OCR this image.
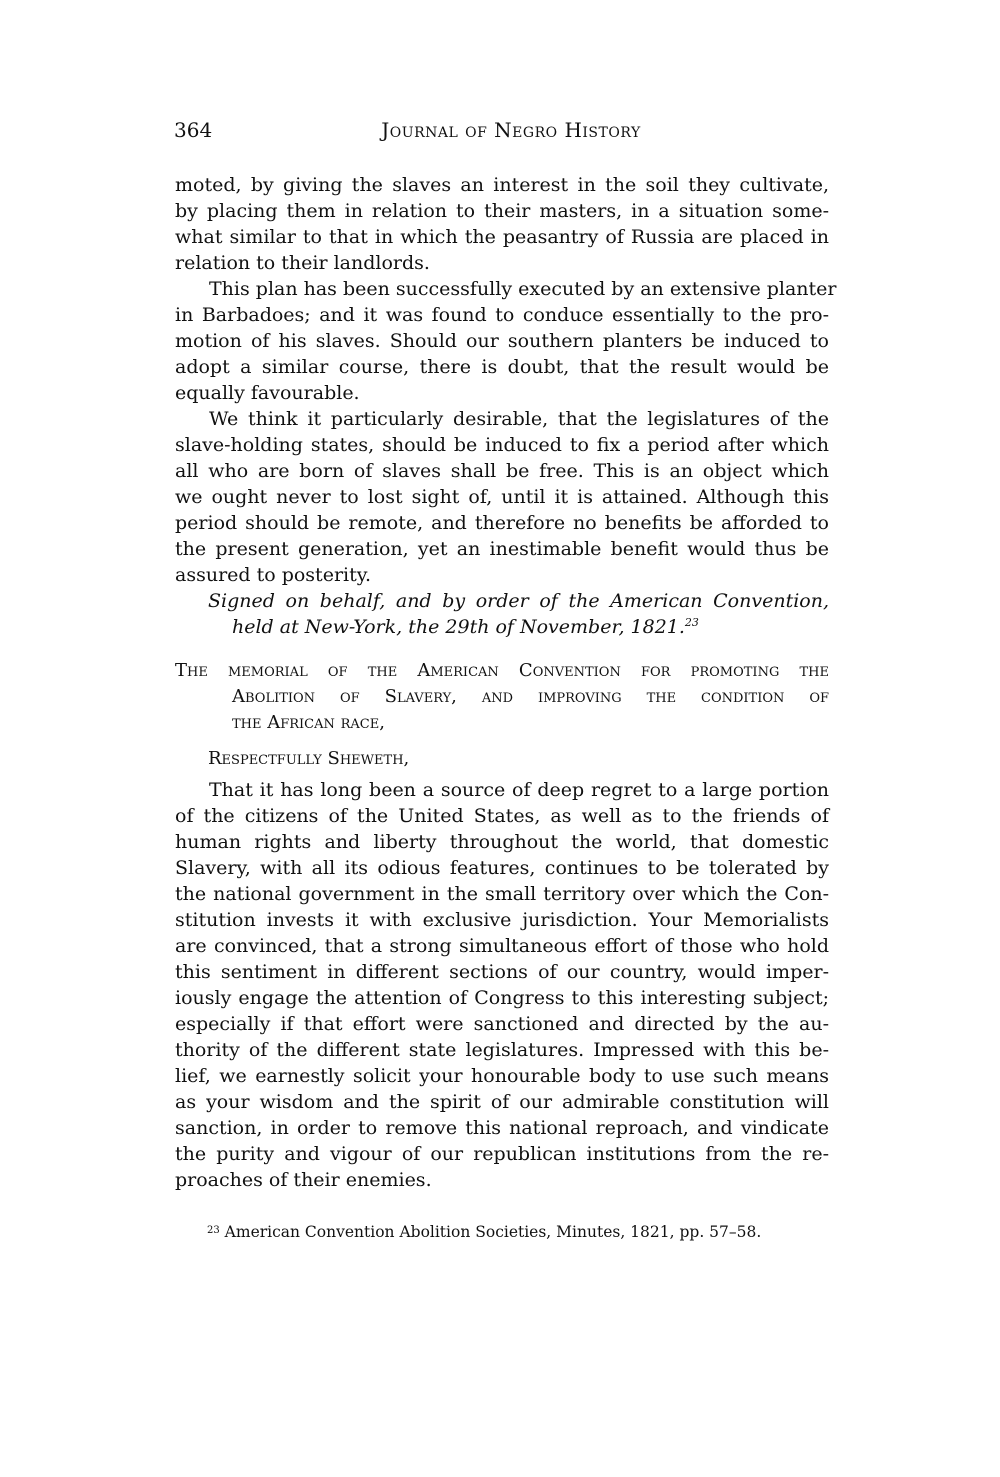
364	Journal of Negro History
moted, by giving the slaves an interest in the soil they cultivate,
by placing them in relation to their masters, in a situation some-
what similar to that in which the peasantry of Russia are placed in
relation to their landlords.
This plan has been successfully executed by an extensive planter
in Barbadoes; and it was found to conduce essentially to the pro-
motion of his slaves. Should our southern planters be induced to
adopt a similar course, there is doubt, that the result would be
equally favourable.
We think it particularly desirable, that the legislatures of the
slave-holding states, should be induced to fix a period after which
all who are born of slaves shall be free. This is an object which
we ought never to lost sight of, until it is attained. Although this
period should be remote, and therefore no benefits be afforded to
the present generation, yet an inestimable benefit would thus be
assured to posterity.
Signed on behalf, and by order of the American Convention,
held at New-York, the 29th of November, 1821.23
The memorial of the American Convention for promoting the
Abolition of Slavery, and improving the condition of
the African race,
Respectfully Sheweth,
That it has long been a source of deep regret to a large portion
of the citizens of the United States, as well as to the friends of
human rights and liberty throughout the world, that domestic
Slavery, with all its odious features, continues to be tolerated by
the national government in the small territory over which the Con-
stitution invests it with exclusive jurisdiction. Your Memorialists
are convinced, that a strong simultaneous effort of those who hold
this sentiment in different sections of our country, would imper-
iously engage the attention of Congress to this interesting subject;
especially if that effort were sanctioned and directed by the au-
thority of the different state legislatures. Impressed with this be-
lief, we earnestly solicit your honourable body to use such means
as your wisdom and the spirit of our admirable constitution will
sanction, in order to remove this national reproach, and vindicate
the purity and vigour of our republican institutions from the re-
proaches of their enemies.
$^{23}$ American Convention Abolition Societies, Minutes, 1821, pp. 57–58.
